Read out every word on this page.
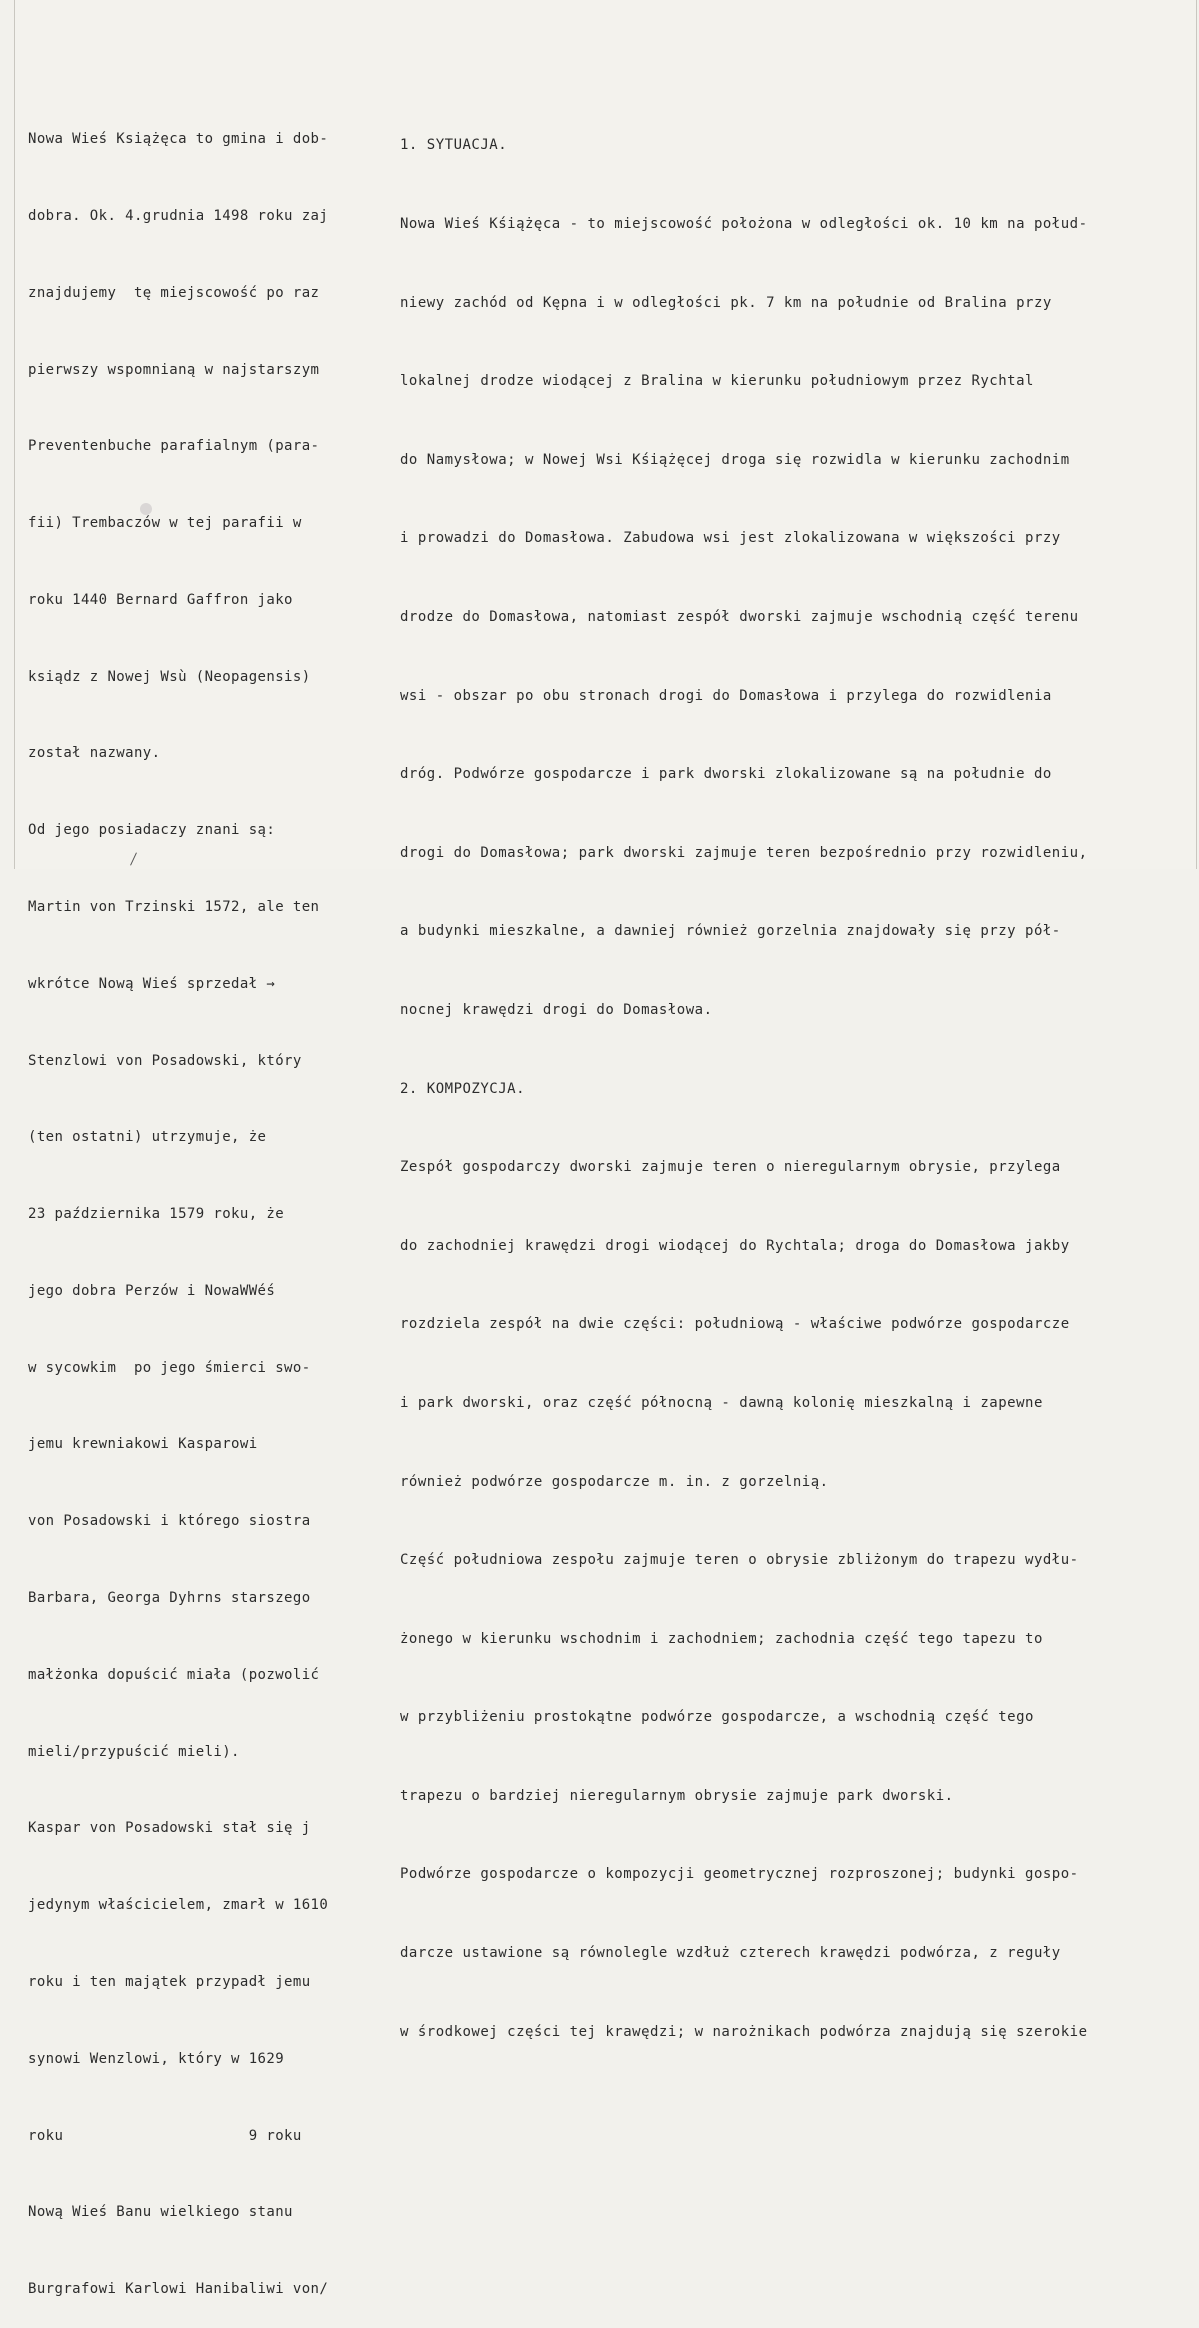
Nowa Wieś Książęca to gmina i dob-

dobra. Ok. 4.grudnia 1498 roku zaj

znajdujemy  tę miejscowość po raz

pierwszy wspomnianą w najstarszym

Preventenbuche parafialnym (para-

fii) Trembaczów w tej parafii w

roku 1440 Bernard Gaffron jako

ksiądz z Nowej Wsù (Neopagensis)

został nazwany.

Od jego posiadaczy znani są:

Martin von Trzinski 1572, ale ten

wkrótce Nową Wieś sprzedał →

Stenzlowi von Posadowski, który

(ten ostatni) utrzymuje, że

23 października 1579 roku, że

jego dobra Perzów i NowaWWéś

w sycowkim  po jego śmierci swo-

jemu krewniakowi Kasparowi

von Posadowski i którego siostra

Barbara, Georga Dyhrns starszego

małżonka dopuścić miała (pozwolić

mieli/przypuścić mieli).

Kaspar von Posadowski stał się j

jedynym właścicielem, zmarł w 1610

roku i ten majątek przypadł jemu

synowi Wenzlowi, który w 1629

roku                     9 roku

Nową Wieś Banu wielkiego stanu

Burgrafowi Karlowi Hanibaliwi von/

1. SYTUACJA.

Nowa Wieś Kśiążęca - to miejscowość położona w odległości ok. 10 km na połud-

niewy zachód od Kępna i w odległości pk. 7 km na południe od Bralina przy

lokalnej drodze wiodącej z Bralina w kierunku południowym przez Rychtal

do Namysłowa; w Nowej Wsi Kśiążęcej droga się rozwidla w kierunku zachodnim

i prowadzi do Domasłowa. Zabudowa wsi jest zlokalizowana w większości przy

drodze do Domasłowa, natomiast zespół dworski zajmuje wschodnią część terenu

wsi - obszar po obu stronach drogi do Domasłowa i przylega do rozwidlenia

dróg. Podwórze gospodarcze i park dworski zlokalizowane są na południe do

drogi do Domasłowa; park dworski zajmuje teren bezpośrednio przy rozwidleniu,

a budynki mieszkalne, a dawniej również gorzelnia znajdowały się przy pół-

nocnej krawędzi drogi do Domasłowa.

2. KOMPOZYCJA.

Zespół gospodarczy dworski zajmuje teren o nieregularnym obrysie, przylega

do zachodniej krawędzi drogi wiodącej do Rychtala; droga do Domasłowa jakby

rozdziela zespół na dwie części: południową - właściwe podwórze gospodarcze

i park dworski, oraz część północną - dawną kolonię mieszkalną i zapewne

również podwórze gospodarcze m. in. z gorzelnią.

Część południowa zespołu zajmuje teren o obrysie zbliżonym do trapezu wydłu-

żonego w kierunku wschodnim i zachodniem; zachodnia część tego tapezu to

w przybliżeniu prostokątne podwórze gospodarcze, a wschodnią część tego

trapezu o bardziej nieregularnym obrysie zajmuje park dworski.

Podwórze gospodarcze o kompozycji geometrycznej rozproszonej; budynki gospo-

darcze ustawione są równolegle wzdłuż czterech krawędzi podwórza, z reguły

w środkowej części tej krawędzi; w narożnikach podwórza znajdują się szerokie
